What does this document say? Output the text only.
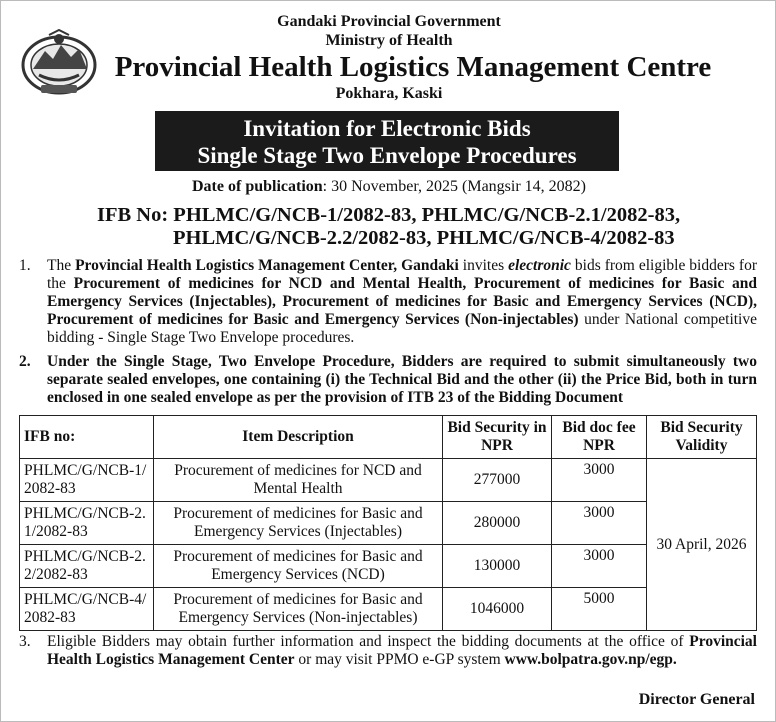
Gandaki Provincial Government
Ministry of Health
Provincial Health Logistics Management Centre
Pokhara, Kaski
Invitation for Electronic Bids
Single Stage Two Envelope Procedures
Date of publication: 30 November, 2025 (Mangsir 14, 2082)
IFB No: PHLMC/G/NCB-1/2082-83, PHLMC/G/NCB-2.1/2082-83,
PHLMC/G/NCB-2.2/2082-83, PHLMC/G/NCB-4/2082-83
1. The Provincial Health Logistics Management Center, Gandaki invites electronic bids from eligible bidders for the Procurement of medicines for NCD and Mental Health, Procurement of medicines for Basic and Emergency Services (Injectables), Procurement of medicines for Basic and Emergency Services (NCD), Procurement of medicines for Basic and Emergency Services (Non-injectables) under National competitive bidding - Single Stage Two Envelope procedures.
2. Under the Single Stage, Two Envelope Procedure, Bidders are required to submit simultaneously two separate sealed envelopes, one containing (i) the Technical Bid and the other (ii) the Price Bid, both in turn enclosed in one sealed envelope as per the provision of ITB 23 of the Bidding Document
IFB no:	Item Description	Bid Security in NPR	Bid doc fee NPR	Bid Security Validity
PHLMC/G/NCB-1/2082-83	Procurement of medicines for NCD and Mental Health	277000	3000	30 April, 2026
PHLMC/G/NCB-2.1/2082-83	Procurement of medicines for Basic and Emergency Services (Injectables)	280000	3000	
PHLMC/G/NCB-2.2/2082-83	Procurement of medicines for Basic and Emergency Services (NCD)	130000	3000	
PHLMC/G/NCB-4/2082-83	Procurement of medicines for Basic and Emergency Services (Non-injectables)	1046000	5000	
3. Eligible Bidders may obtain further information and inspect the bidding documents at the office of Provincial Health Logistics Management Center or may visit PPMO e-GP system www.bolpatra.gov.np/egp.
Director General
